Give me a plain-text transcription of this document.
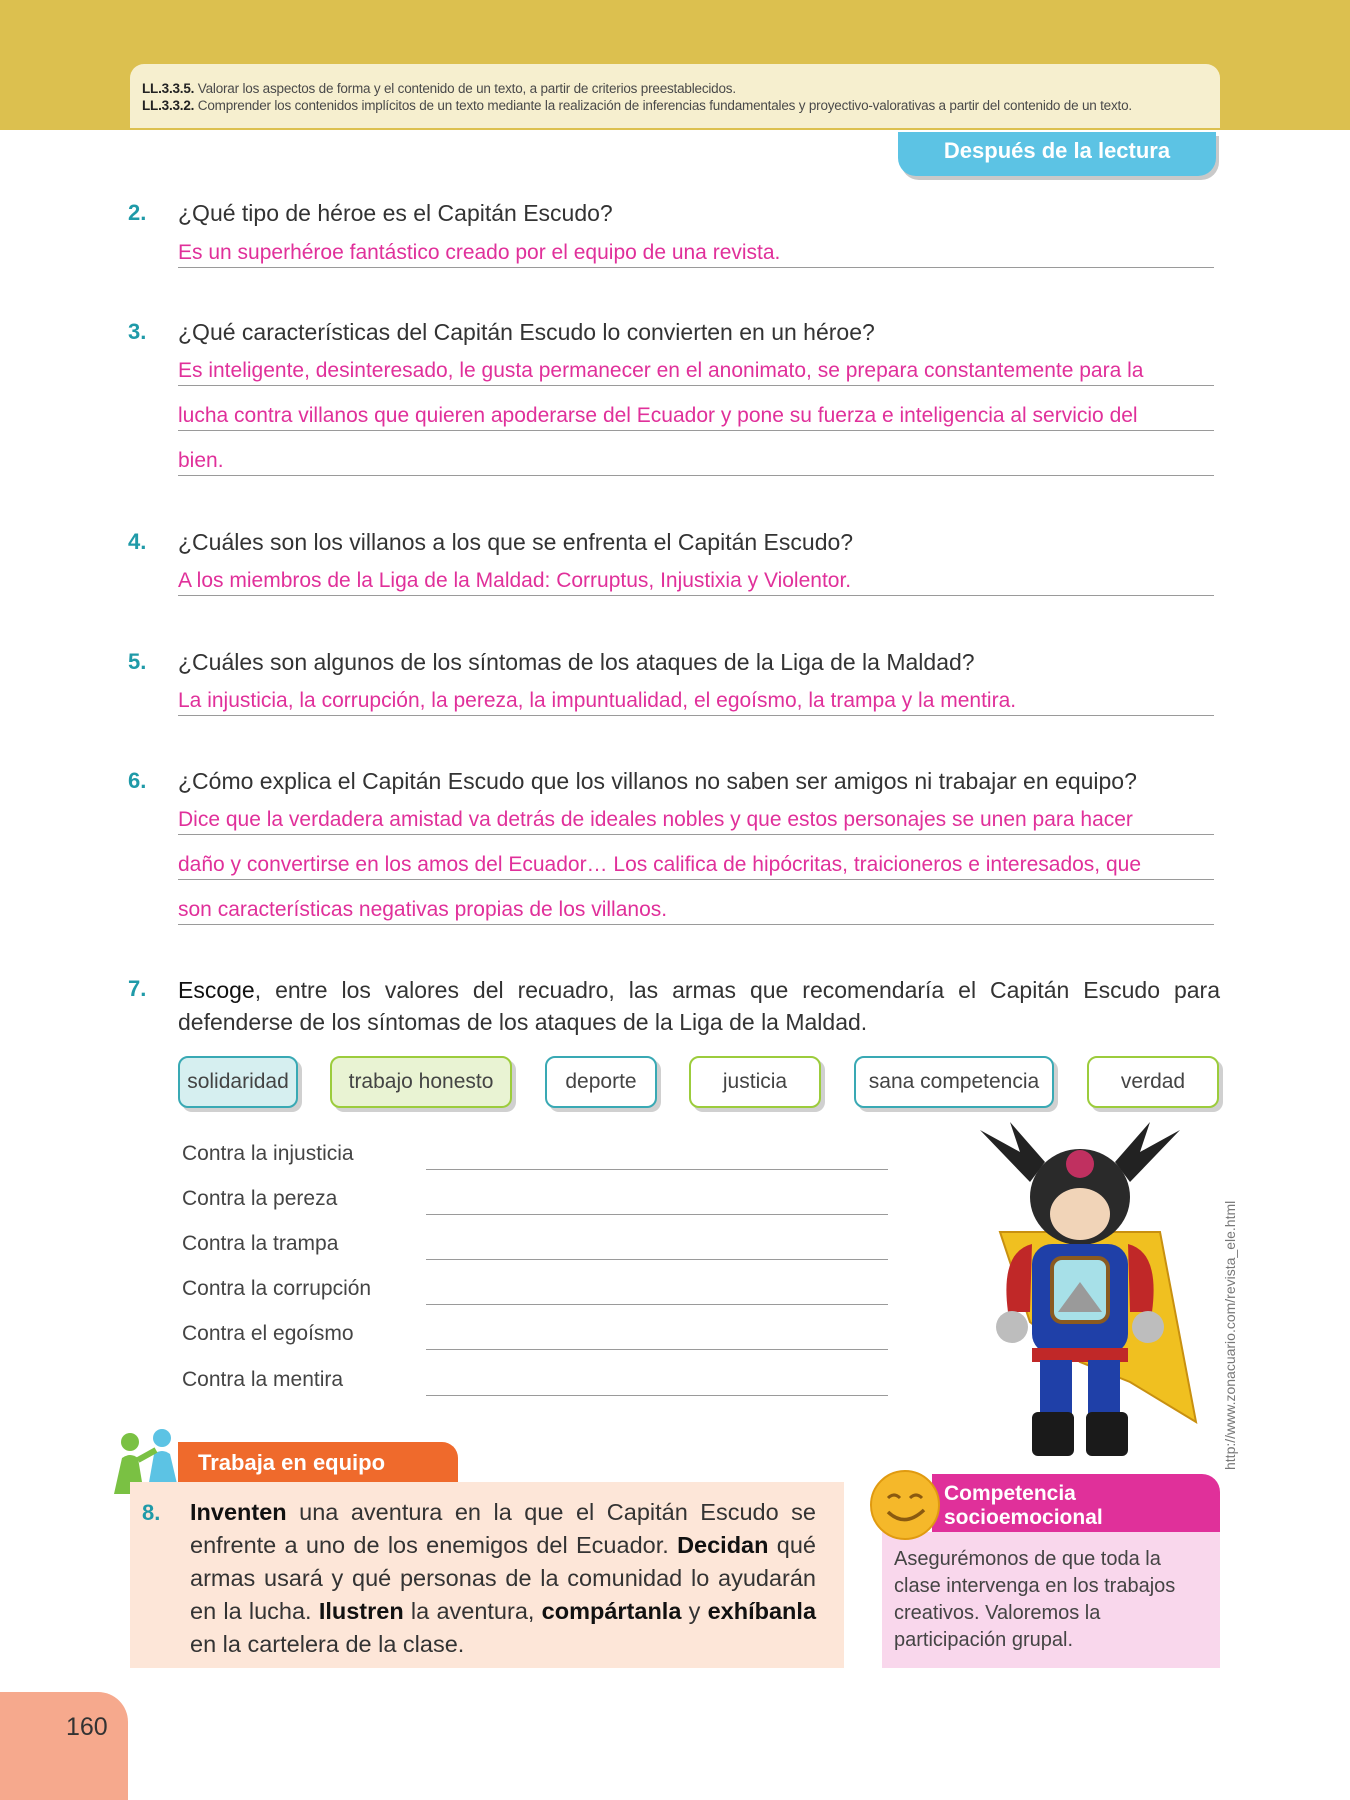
LL.3.3.5. Valorar los aspectos de forma y el contenido de un texto, a partir de criterios preestablecidos.
LL.3.3.2. Comprender los contenidos implícitos de un texto mediante la realización de inferencias fundamentales y proyectivo-valorativas a partir del contenido de un texto.
Después de la lectura
2. ¿Qué tipo de héroe es el Capitán Escudo?
Es un superhéroe fantástico creado por el equipo de una revista.
3. ¿Qué características del Capitán Escudo lo convierten en un héroe?
Es inteligente, desinteresado, le gusta permanecer en el anonimato, se prepara constantemente para la
lucha contra villanos que quieren apoderarse del Ecuador y pone su fuerza e inteligencia al servicio del
bien.
4. ¿Cuáles son los villanos a los que se enfrenta el Capitán Escudo?
A los miembros de la Liga de la Maldad: Corruptus, Injustixia y Violentor.
5. ¿Cuáles son algunos de los síntomas de los ataques de la Liga de la Maldad?
La injusticia, la corrupción, la pereza, la impuntualidad, el egoísmo, la trampa y la mentira.
6. ¿Cómo explica el Capitán Escudo que los villanos no saben ser amigos ni trabajar en equipo?
Dice que la verdadera amistad va detrás de ideales nobles y que estos personajes se unen para hacer
daño y convertirse en los amos del Ecuador… Los califica de hipócritas, traicioneros e interesados, que
son características negativas propias de los villanos.
7. Escoge, entre los valores del recuadro, las armas que recomendaría el Capitán Escudo para defenderse de los síntomas de los ataques de la Liga de la Maldad.
solidaridad	trabajo honesto	deporte	justicia	sana competencia	verdad
Contra la injusticia
Contra la pereza
Contra la trampa
Contra la corrupción
Contra el egoísmo
Contra la mentira	http://www.zonacuario.com/revista_ele.html
Trabaja en equipo
8. Inventen una aventura en la que el Capitán Escudo se enfrente a uno de los enemigos del Ecuador. Decidan qué armas usará y qué personas de la comunidad lo ayudarán en la lucha. Ilustren la aventura, compártanla y exhíbanla en la cartelera de la clase.
Competencia
socioemocional
Asegurémonos de que toda la clase intervenga en los trabajos creativos. Valoremos la participación grupal.
160
